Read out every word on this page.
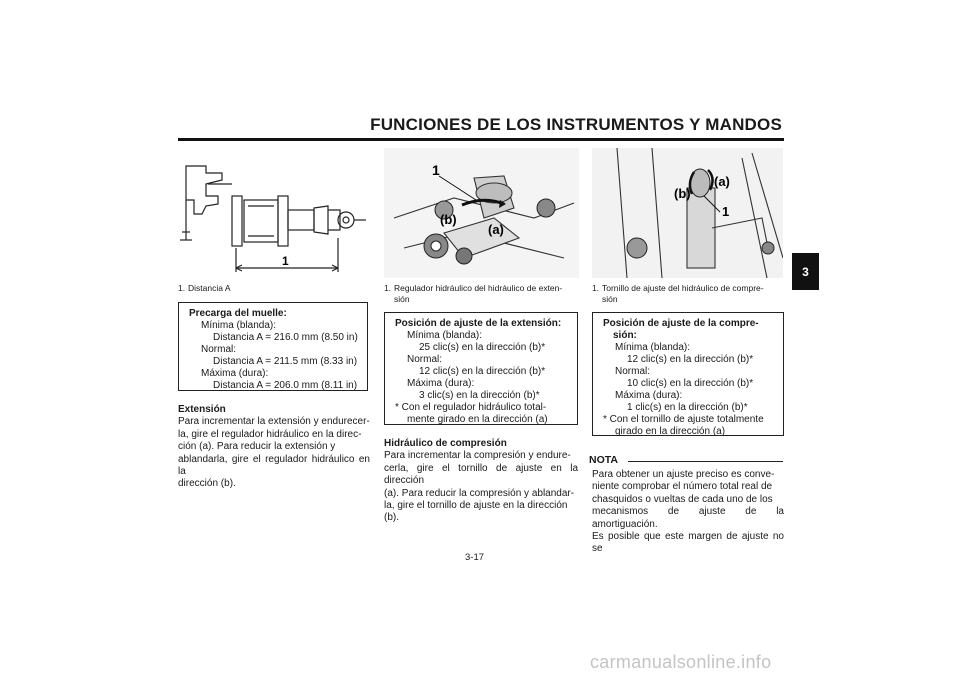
FUNCIONES DE LOS INSTRUMENTOS Y MANDOS
3
1
1
(b)
(a)
(b)
(a)
1
1. Distancia A	1. Regulador hidráulico del hidráulico de exten-
sión
1. Tornillo de ajuste del hidráulico de compre-
sión
Precarga del muelle:
Mínima (blanda):
Distancia A = 216.0 mm (8.50 in)
Normal:
Distancia A = 211.5 mm (8.33 in)
Máxima (dura):
Distancia A = 206.0 mm (8.11 in)
Posición de ajuste de la extensión:
Mínima (blanda):
25 clic(s) en la dirección (b)*
Normal:
12 clic(s) en la dirección (b)*
Máxima (dura):
3 clic(s) en la dirección (b)*
* Con el regulador hidráulico total-
mente girado en la dirección (a)
Posición de ajuste de la compre-
sión:
Mínima (blanda):
12 clic(s) en la dirección (b)*
Normal:
10 clic(s) en la dirección (b)*
Máxima (dura):
1 clic(s) en la dirección (b)*
* Con el tornillo de ajuste totalmente
girado en la dirección (a)
Extensión
Para incrementar la extensión y endurecer-
la, gire el regulador hidráulico en la direc-
ción (a). Para reducir la extensión y
ablandarla, gire el regulador hidráulico en la
dirección (b).
Hidráulico de compresión
Para incrementar la compresión y endure-
cerla, gire el tornillo de ajuste en la dirección
(a). Para reducir la compresión y ablandar-
la, gire el tornillo de ajuste en la dirección
(b).
NOTA
Para obtener un ajuste preciso es conve-
niente comprobar el número total real de
chasquidos o vueltas de cada uno de los
mecanismos de ajuste de la amortiguación.
Es posible que este margen de ajuste no se
3-17
carmanualsonline.info
